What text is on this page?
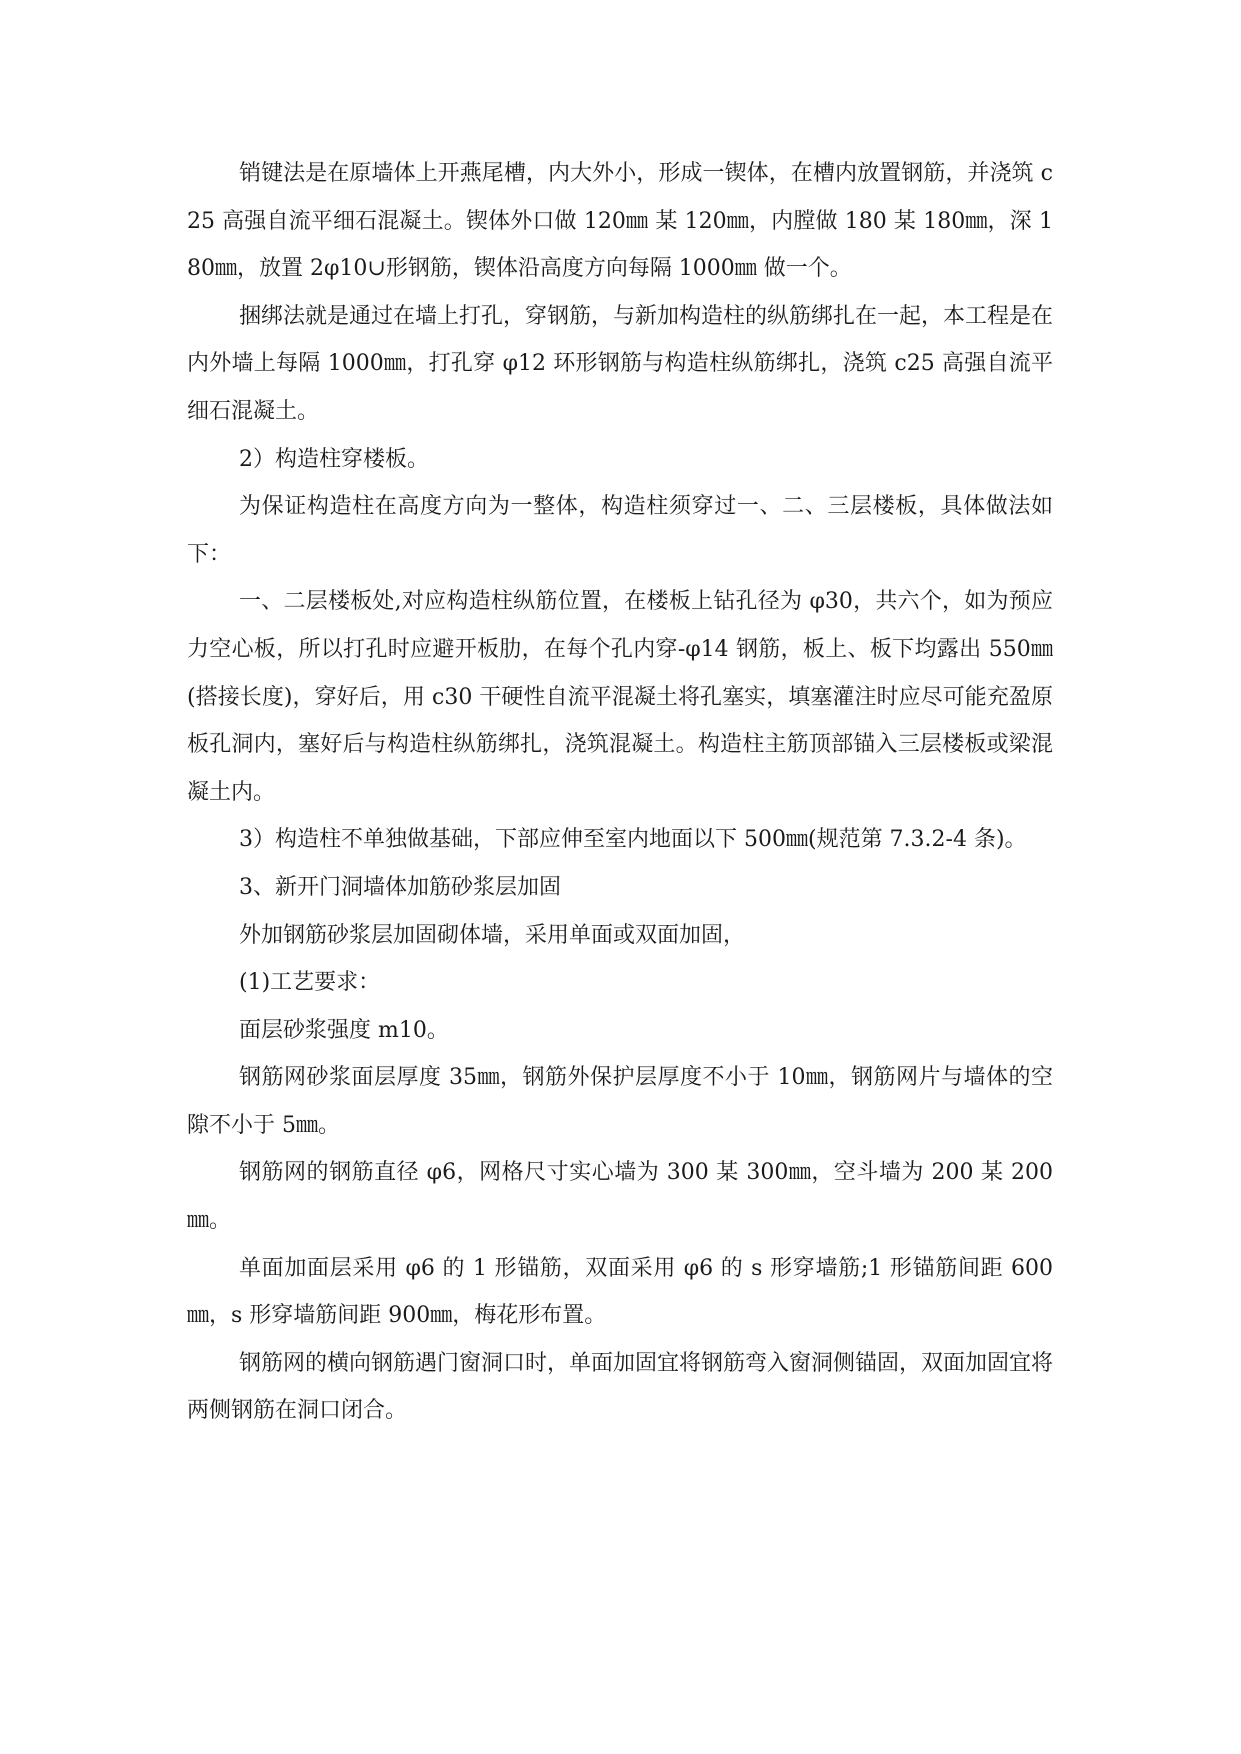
销键法是在原墙体上开燕尾槽，内大外小，形成一锲体，在槽内放置钢筋，并浇筑 c25 高强自流平细石混凝土。锲体外口做 120㎜ 某 120㎜，内膛做 180 某 180㎜，深 180㎜，放置 2φ10∪形钢筋，锲体沿高度方向每隔 1000㎜ 做一个。

捆绑法就是通过在墙上打孔，穿钢筋，与新加构造柱的纵筋绑扎在一起，本工程是在内外墙上每隔 1000㎜，打孔穿 φ12 环形钢筋与构造柱纵筋绑扎，浇筑 c25 高强自流平细石混凝土。

2）构造柱穿楼板。

为保证构造柱在高度方向为一整体，构造柱须穿过一、二、三层楼板，具体做法如下：

一、二层楼板处,对应构造柱纵筋位置，在楼板上钻孔径为 φ30，共六个，如为预应力空心板，所以打孔时应避开板肋，在每个孔内穿-φ14 钢筋，板上、板下均露出 550㎜(搭接长度)，穿好后，用 c30 干硬性自流平混凝土将孔塞实，填塞灌注时应尽可能充盈原板孔洞内，塞好后与构造柱纵筋绑扎，浇筑混凝土。构造柱主筋顶部锚入三层楼板或梁混凝土内。

3）构造柱不单独做基础，下部应伸至室内地面以下 500㎜(规范第 7.3.2-4 条)。

3、新开门洞墙体加筋砂浆层加固

外加钢筋砂浆层加固砌体墙，采用单面或双面加固，

(1)工艺要求：

面层砂浆强度 m10。

钢筋网砂浆面层厚度 35㎜，钢筋外保护层厚度不小于 10㎜，钢筋网片与墙体的空隙不小于 5㎜。

钢筋网的钢筋直径 φ6，网格尺寸实心墙为 300 某 300㎜，空斗墙为 200 某 200㎜。

单面加面层采用 φ6 的 1 形锚筋，双面采用 φ6 的 s 形穿墙筋;1 形锚筋间距 600㎜，s 形穿墙筋间距 900㎜，梅花形布置。

钢筋网的横向钢筋遇门窗洞口时，单面加固宜将钢筋弯入窗洞侧锚固，双面加固宜将两侧钢筋在洞口闭合。
